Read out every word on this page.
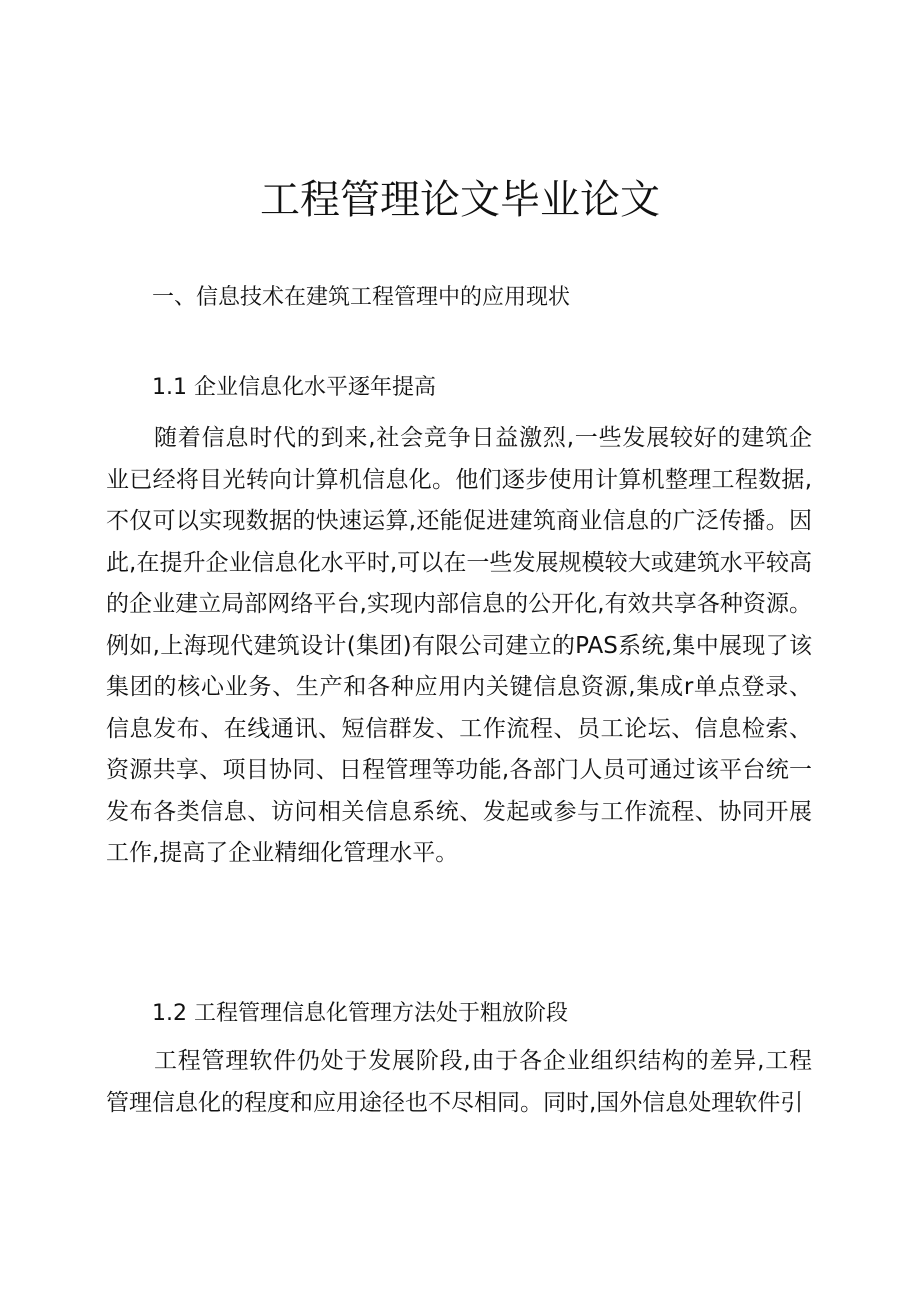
工程管理论文毕业论文

一、信息技术在建筑工程管理中的应用现状

1.1 企业信息化水平逐年提高

随着信息时代的到来,社会竞争日益激烈,一些发展较好的建筑企业已经将目光转向计算机信息化。他们逐步使用计算机整理工程数据,不仅可以实现数据的快速运算,还能促进建筑商业信息的广泛传播。因此,在提升企业信息化水平时,可以在一些发展规模较大或建筑水平较高的企业建立局部网络平台,实现内部信息的公开化,有效共享各种资源。例如,上海现代建筑设计(集团)有限公司建立的PAS系统,集中展现了该集团的核心业务、生产和各种应用内关键信息资源,集成r单点登录、信息发布、在线通讯、短信群发、工作流程、员工论坛、信息检索、资源共享、项目协同、日程管理等功能,各部门人员可通过该平台统一发布各类信息、访问相关信息系统、发起或参与工作流程、协同开展工作,提高了企业精细化管理水平。

1.2 工程管理信息化管理方法处于粗放阶段

工程管理软件仍处于发展阶段,由于各企业组织结构的差异,工程管理信息化的程度和应用途径也不尽相同。同时,国外信息处理软件引
